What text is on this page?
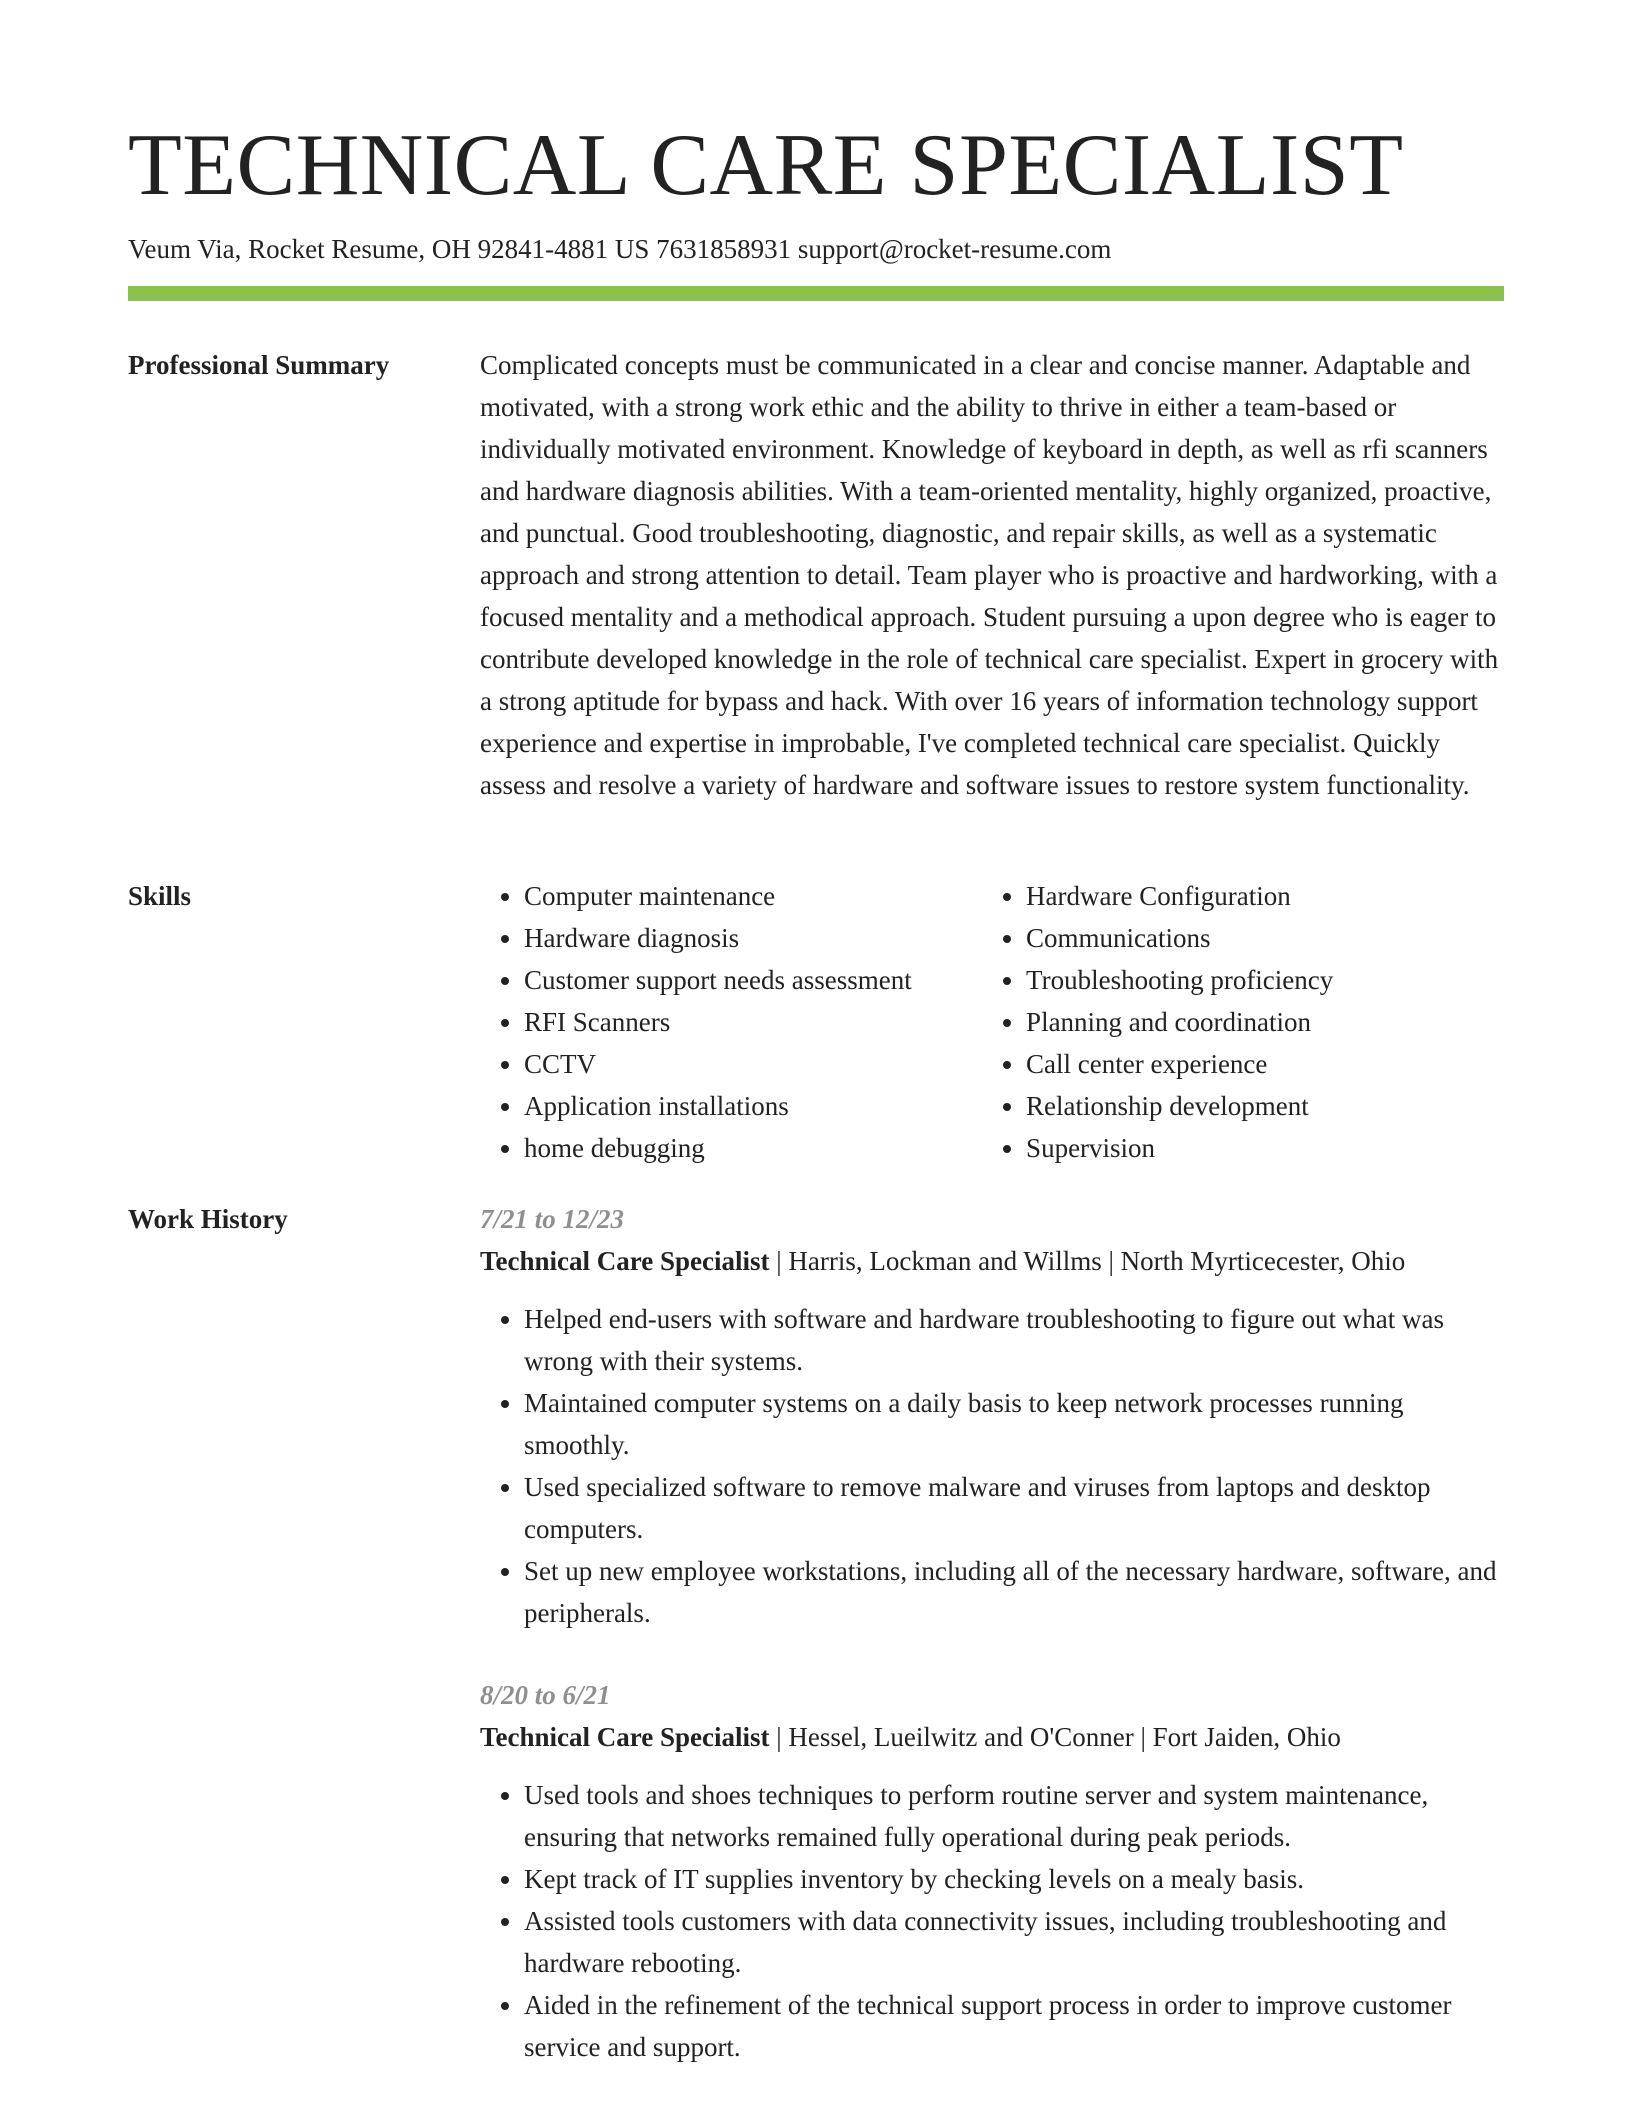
TECHNICAL CARE SPECIALIST
Veum Via, Rocket Resume, OH 92841-4881 US 7631858931 support@rocket-resume.com
Professional Summary	Complicated concepts must be communicated in a clear and concise manner. Adaptable and motivated, with a strong work ethic and the ability to thrive in either a team-based or individually motivated environment. Knowledge of keyboard in depth, as well as rfi scanners and hardware diagnosis abilities. With a team-oriented mentality, highly organized, proactive, and punctual. Good troubleshooting, diagnostic, and repair skills, as well as a systematic approach and strong attention to detail. Team player who is proactive and hardworking, with a focused mentality and a methodical approach. Student pursuing a upon degree who is eager to contribute developed knowledge in the role of technical care specialist. Expert in grocery with a strong aptitude for bypass and hack. With over 16 years of information technology support experience and expertise in improbable, I've completed technical care specialist. Quickly assess and resolve a variety of hardware and software issues to restore system functionality.

Skills
•	Computer maintenance
• Hardware diagnosis
• Customer support needs assessment
• RFI Scanners
• CCTV
• Application installations
• home debugging
• Hardware Configuration
• Communications
• Troubleshooting proficiency
• Planning and coordination
• Call center experience
• Relationship development
• Supervision
Work History	7/21 to 12/23
Technical Care Specialist | Harris, Lockman and Willms | North Myrticecester, Ohio
• Helped end-users with software and hardware troubleshooting to figure out what was wrong with their systems.
• Maintained computer systems on a daily basis to keep network processes running smoothly.
• Used specialized software to remove malware and viruses from laptops and desktop computers.
• Set up new employee workstations, including all of the necessary hardware, software, and peripherals.
8/20 to 6/21
Technical Care Specialist | Hessel, Lueilwitz and O'Conner | Fort Jaiden, Ohio
• Used tools and shoes techniques to perform routine server and system maintenance, ensuring that networks remained fully operational during peak periods.
• Kept track of IT supplies inventory by checking levels on a mealy basis.
• Assisted tools customers with data connectivity issues, including troubleshooting and hardware rebooting.
• Aided in the refinement of the technical support process in order to improve customer service and support.
